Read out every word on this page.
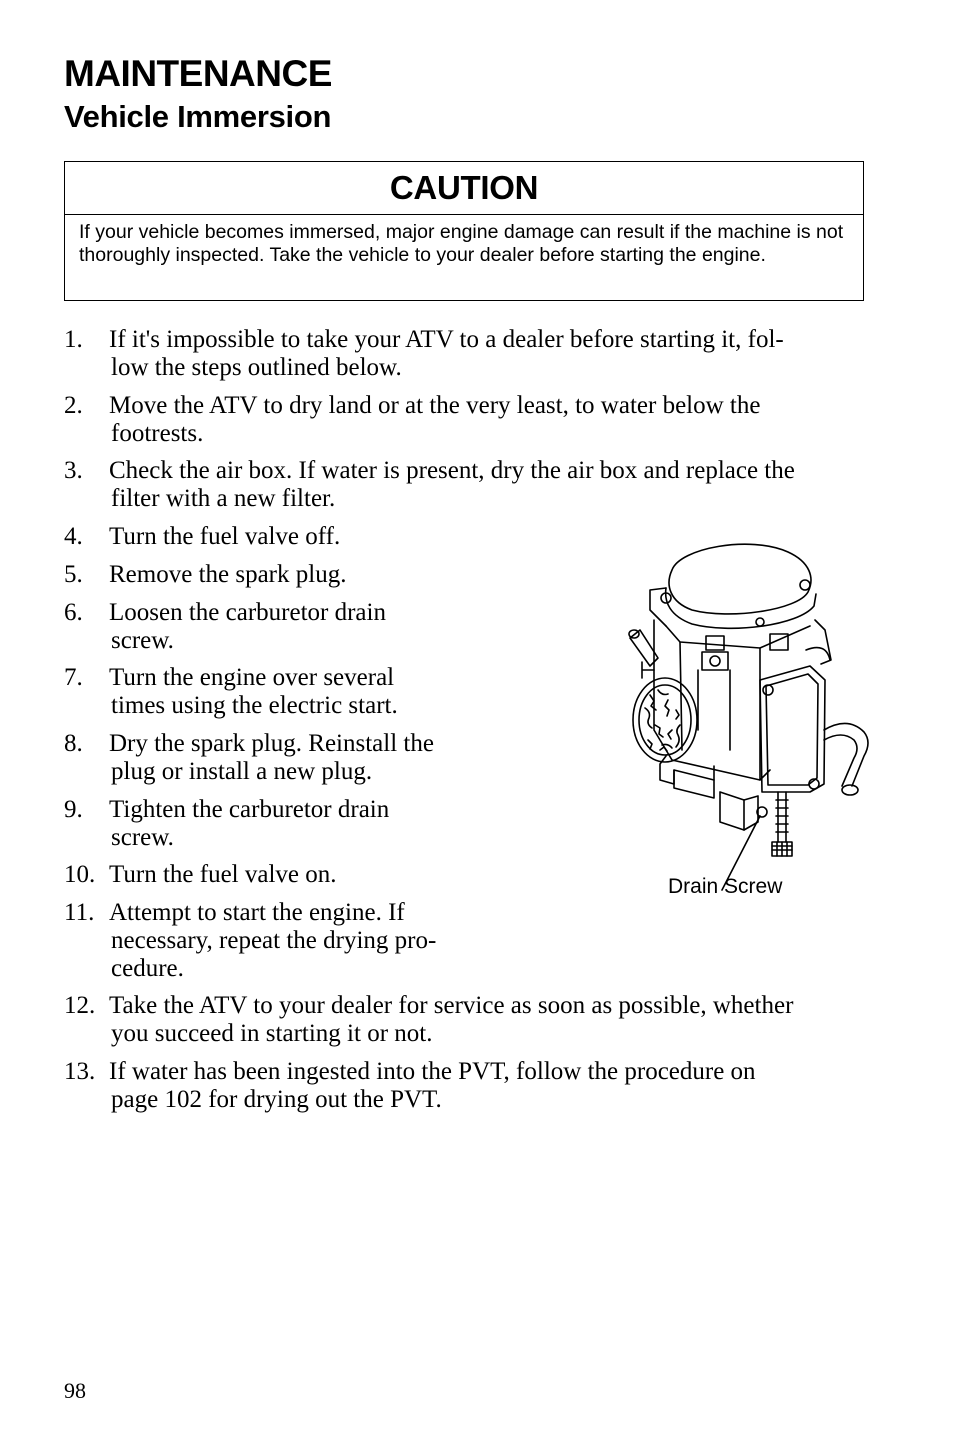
MAINTENANCE
Vehicle Immersion
CAUTION
If your vehicle becomes immersed, major engine damage can result if the machine is not thoroughly inspected. Take the vehicle to your dealer before starting the engine.
1.	If it's impossible to take your ATV to a dealer before starting it, fol-
low the steps outlined below.
2.	Move the ATV to dry land or at the very least, to water below the
footrests.
3.	Check the air box. If water is present, dry the air box and replace the
filter with a new filter.
4.	Turn the fuel valve off.
5.	Remove the spark plug.
6.	Loosen the carburetor drain
screw.
7.	Turn the engine over several
times using the electric start.
8.	Dry the spark plug. Reinstall the
plug or install a new plug.
9.	Tighten the carburetor drain
screw.
10. Turn the fuel valve on.
11. Attempt to start the engine. If
necessary, repeat the drying pro-
cedure.
12. Take the ATV to your dealer for service as soon as possible, whether
you succeed in starting it or not.
13. If water has been ingested into the PVT, follow the procedure on
page 102 for drying out the PVT.
Drain Screw
98
